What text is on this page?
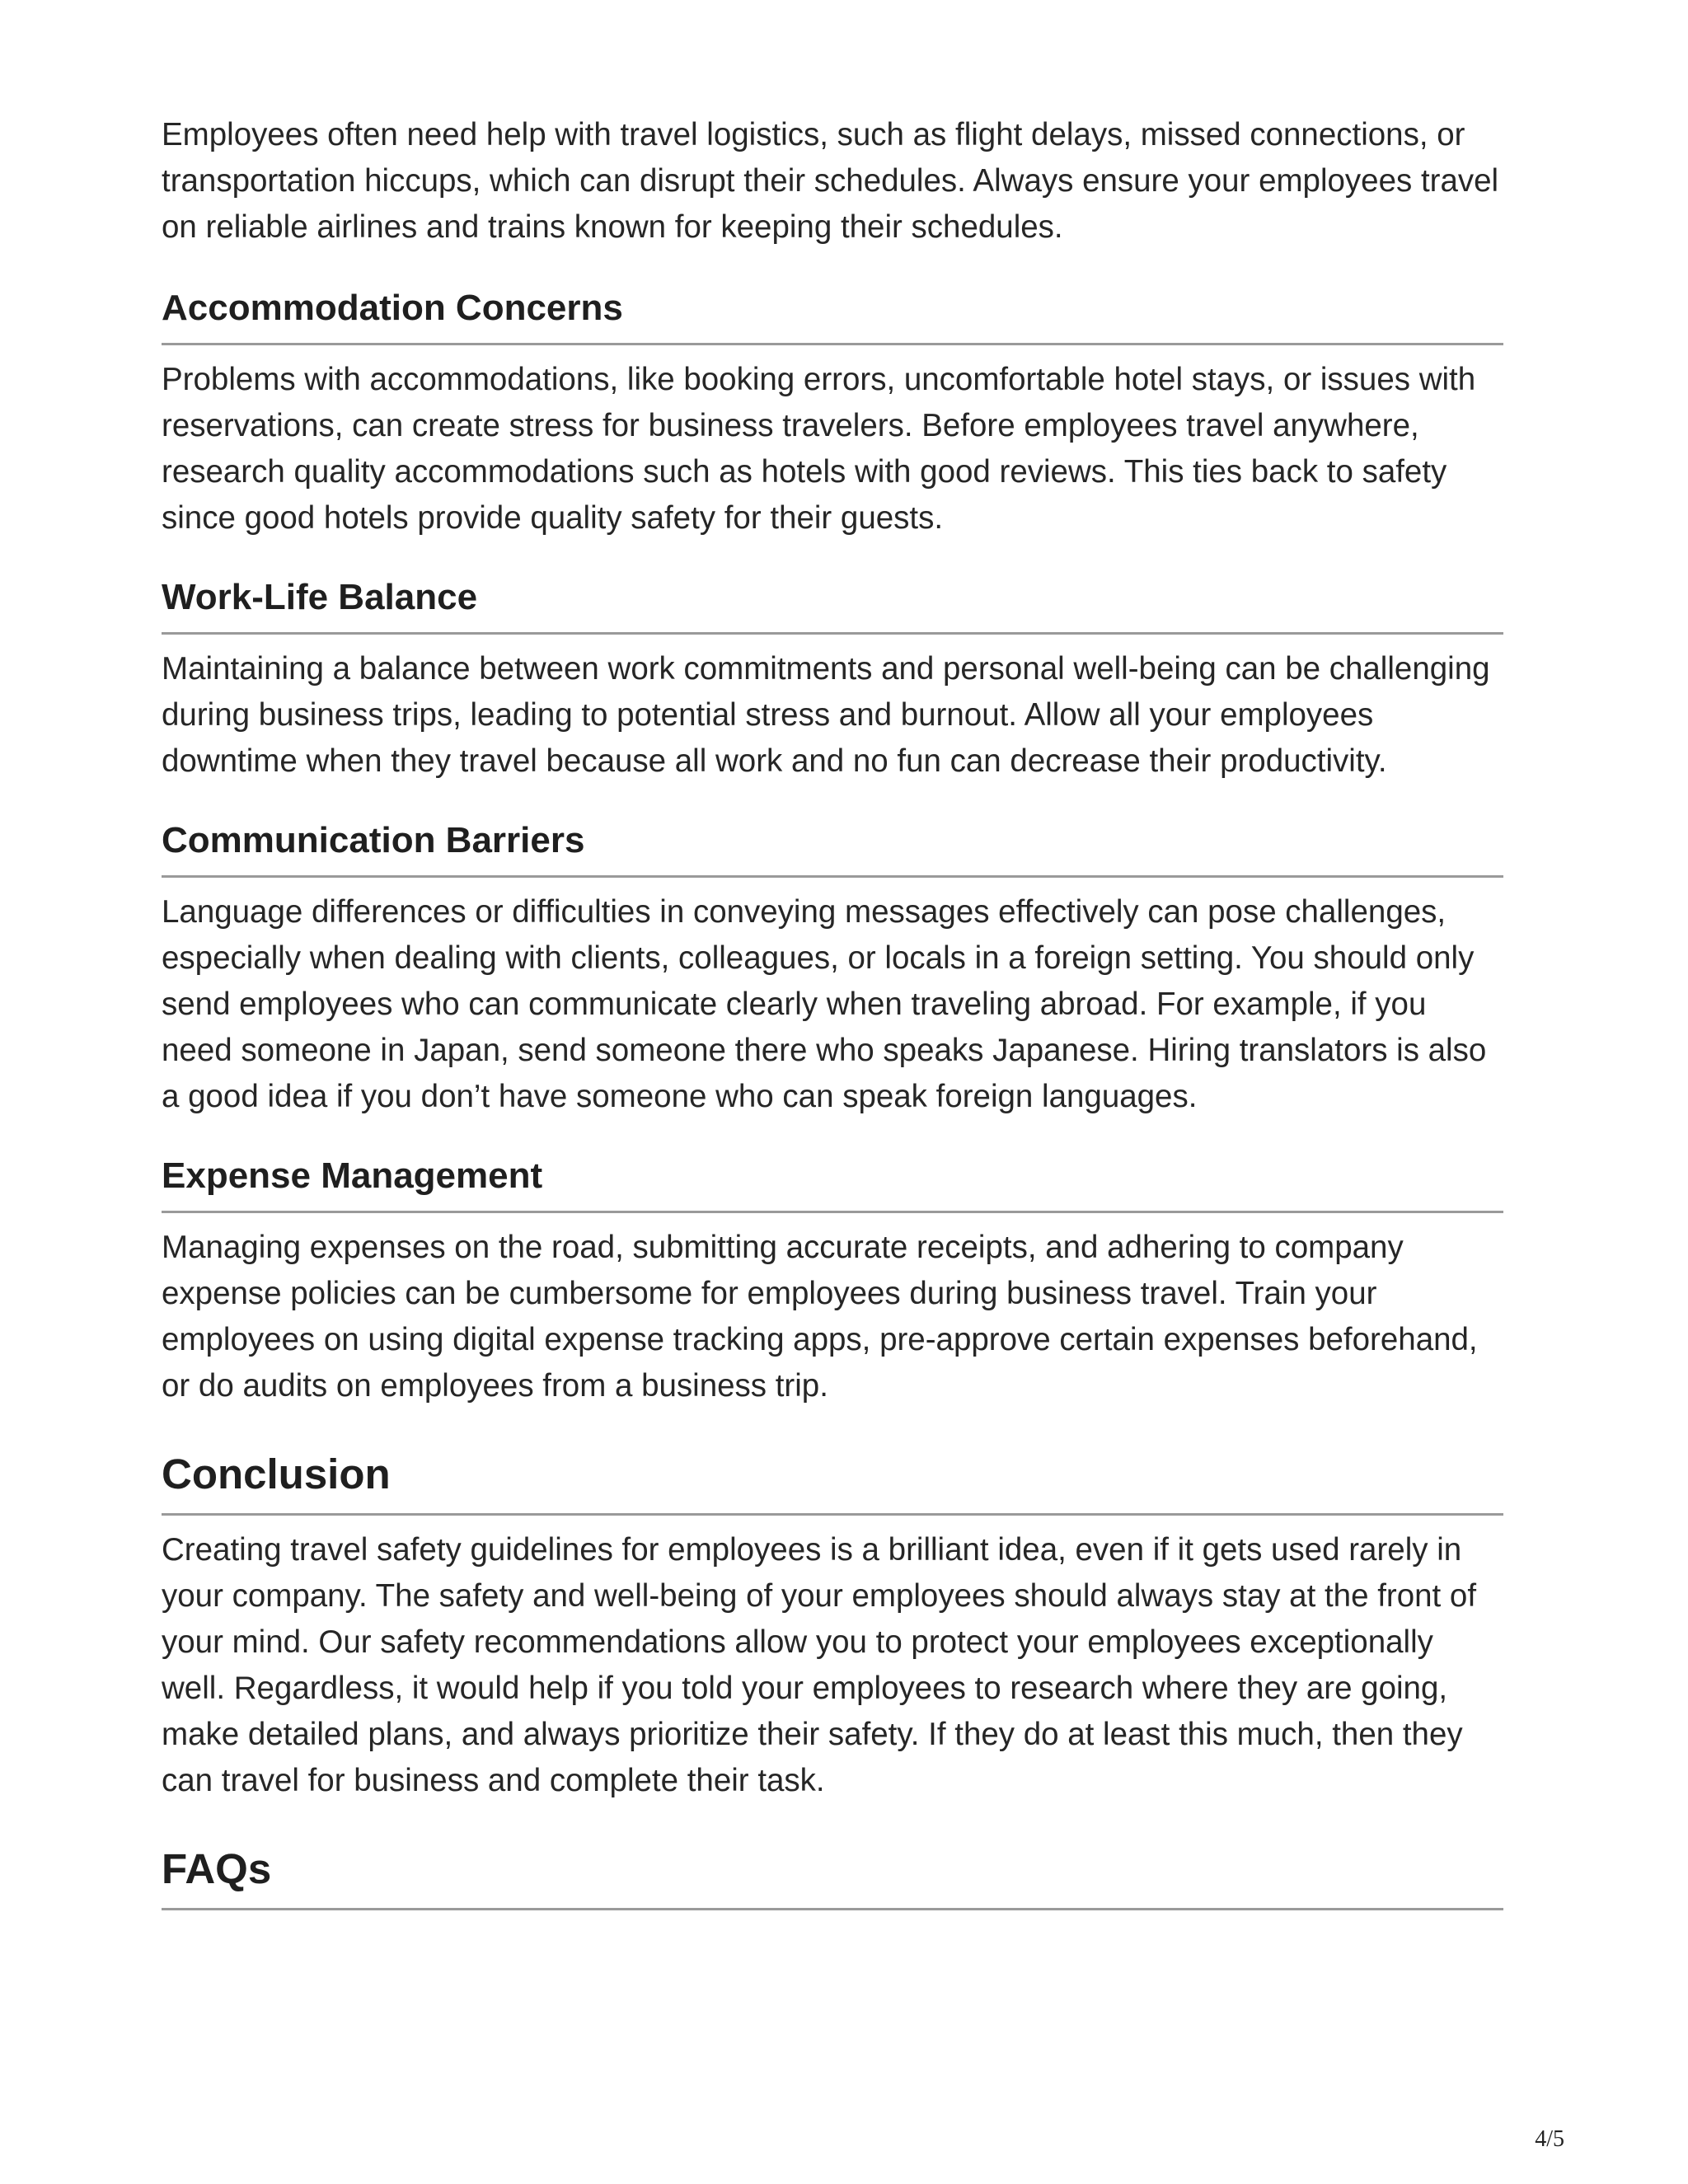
Employees often need help with travel logistics, such as flight delays, missed connections, or transportation hiccups, which can disrupt their schedules. Always ensure your employees travel on reliable airlines and trains known for keeping their schedules.

Accommodation Concerns

Problems with accommodations, like booking errors, uncomfortable hotel stays, or issues with reservations, can create stress for business travelers. Before employees travel anywhere, research quality accommodations such as hotels with good reviews. This ties back to safety since good hotels provide quality safety for their guests.

Work-Life Balance

Maintaining a balance between work commitments and personal well-being can be challenging during business trips, leading to potential stress and burnout. Allow all your employees downtime when they travel because all work and no fun can decrease their productivity.

Communication Barriers

Language differences or difficulties in conveying messages effectively can pose challenges, especially when dealing with clients, colleagues, or locals in a foreign setting. You should only send employees who can communicate clearly when traveling abroad. For example, if you need someone in Japan, send someone there who speaks Japanese. Hiring translators is also a good idea if you don’t have someone who can speak foreign languages.

Expense Management

Managing expenses on the road, submitting accurate receipts, and adhering to company expense policies can be cumbersome for employees during business travel. Train your employees on using digital expense tracking apps, pre-approve certain expenses beforehand, or do audits on employees from a business trip.

Conclusion

Creating travel safety guidelines for employees is a brilliant idea, even if it gets used rarely in your company. The safety and well-being of your employees should always stay at the front of your mind. Our safety recommendations allow you to protect your employees exceptionally well. Regardless, it would help if you told your employees to research where they are going, make detailed plans, and always prioritize their safety. If they do at least this much, then they can travel for business and complete their task.

FAQs
4/5
